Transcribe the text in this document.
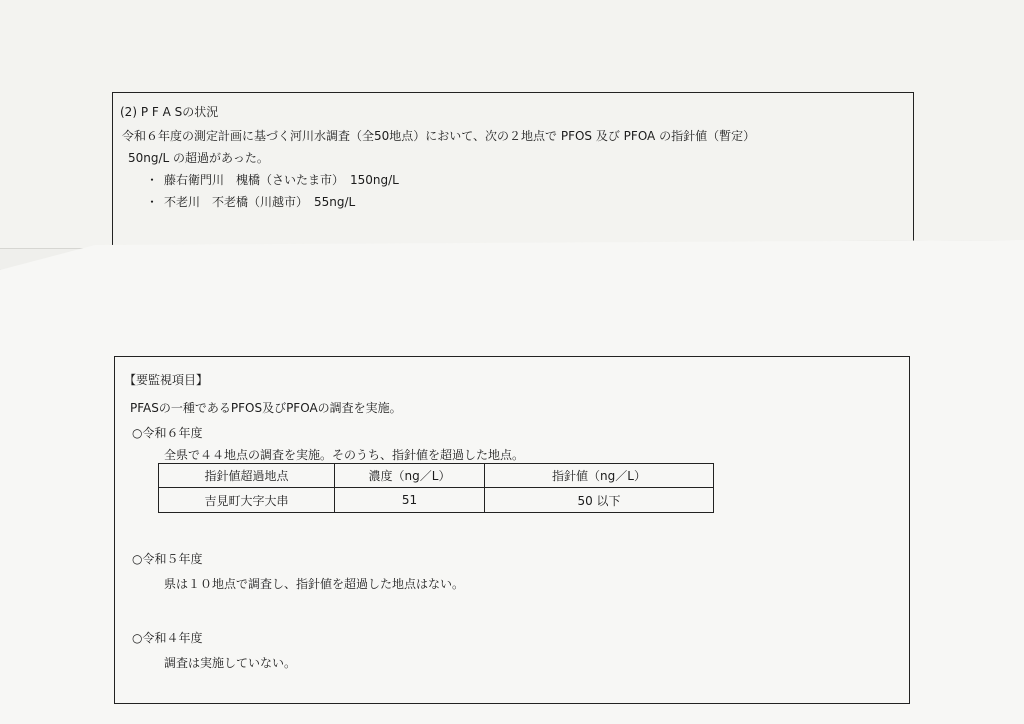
(2) P F A Sの状況
令和６年度の測定計画に基づく河川水調査（全50地点）において、次の２地点で PFOS 及び PFOA の指針値（暫定）
50ng/L の超過があった。
・ 藤右衛門川　槐橋（さいたま市）　150ng/L
・ 不老川　不老橋（川越市）　55ng/L
【要監視項目】
PFASの一種であるPFOS及びPFOAの調査を実施。
○令和６年度
全県で４４地点の調査を実施。そのうち、指針値を超過した地点。
指針値超過地点	濃度（ng／L）	指針値（ng／L）
吉見町大字大串	51	50 以下
○令和５年度
県は１０地点で調査し、指針値を超過した地点はない。
○令和４年度
調査は実施していない。
